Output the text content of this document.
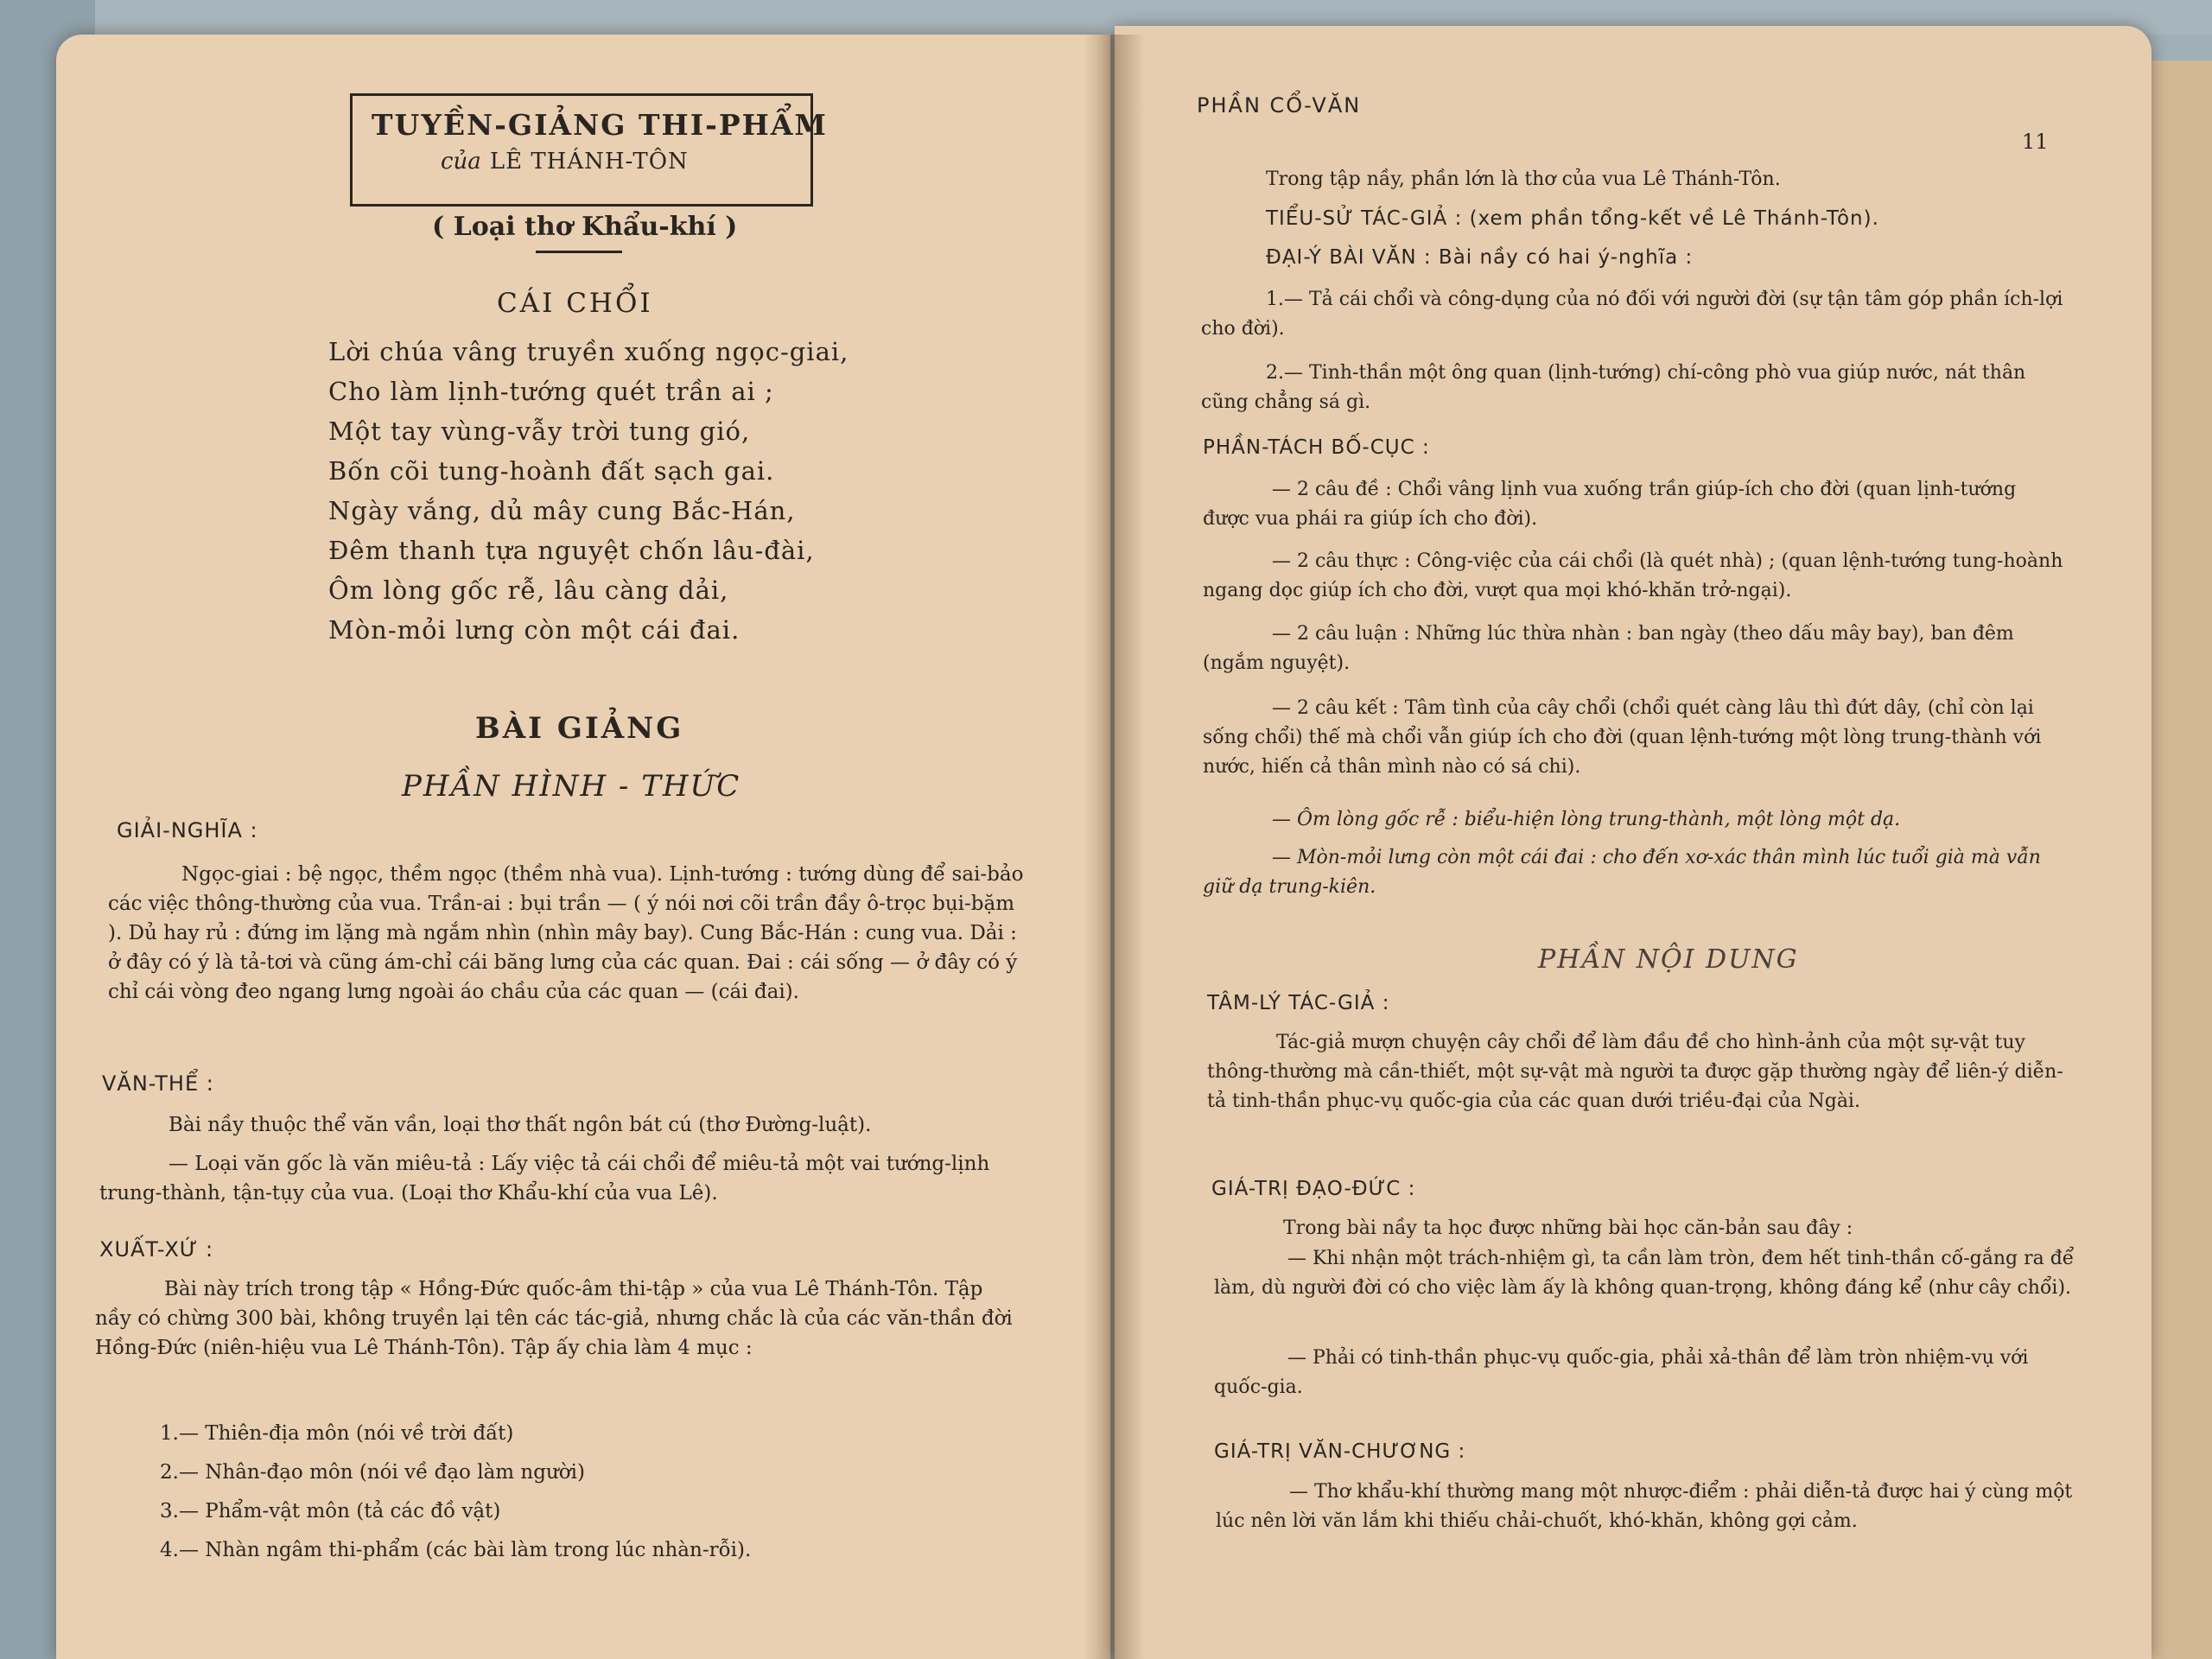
TUYỀN-GIẢNG THI-PHẨM
của LÊ THÁNH-TÔN
( Loại thơ Khẩu-khí )
CÁI CHỔI
Lời chúa vâng truyền xuống ngọc-giai,
Cho làm lịnh-tướng quét trần ai ;
Một tay vùng-vẫy trời tung gió,
Bốn cõi tung-hoành đất sạch gai.
Ngày vắng, dủ mây cung Bắc-Hán,
Đêm thanh tựa nguyệt chốn lâu-đài,
Ôm lòng gốc rễ, lâu càng dải,
Mòn-mỏi lưng còn một cái đai.
BÀI GIẢNG
PHẦN HÌNH - THỨC
GIẢI-NGHĨA :
Ngọc-giai : bệ ngọc, thềm ngọc (thềm nhà vua). Lịnh-tướng : tướng dùng để sai-bảo các việc thông-thường của vua. Trần-ai : bụi trần — ( ý nói nơi cõi trần đầy ô-trọc bụi-bặm ). Dủ hay rủ : đứng im lặng mà ngắm nhìn (nhìn mây bay). Cung Bắc-Hán : cung vua. Dải : ở đây có ý là tả-tơi và cũng ám-chỉ cái băng lưng của các quan. Đai : cái sống — ở đây có ý chỉ cái vòng đeo ngang lưng ngoài áo chầu của các quan — (cái đai).
VĂN-THỂ :
Bài nầy thuộc thể văn vần, loại thơ thất ngôn bát cú (thơ Đường-luật).
— Loại văn gốc là văn miêu-tả : Lấy việc tả cái chổi để miêu-tả một vai tướng-lịnh trung-thành, tận-tụy của vua. (Loại thơ Khẩu-khí của vua Lê).
XUẤT-XỨ :
Bài này trích trong tập « Hồng-Đức quốc-âm thi-tập » của vua Lê Thánh-Tôn. Tập nầy có chừng 300 bài, không truyền lại tên các tác-giả, nhưng chắc là của các văn-thần đời Hồng-Đức (niên-hiệu vua Lê Thánh-Tôn). Tập ấy chia làm 4 mục :
1.— Thiên-địa môn (nói về trời đất)
2.— Nhân-đạo môn (nói về đạo làm người)
3.— Phẩm-vật môn (tả các đồ vật)
4.— Nhàn ngâm thi-phẩm (các bài làm trong lúc nhàn-rỗi).
PHẦN CỔ-VĂN
11
Trong tập nầy, phần lớn là thơ của vua Lê Thánh-Tôn.
TIỂU-SỬ TÁC-GIẢ : (xem phần tổng-kết về Lê Thánh-Tôn).
ĐẠI-Ý BÀI VĂN : Bài nầy có hai ý-nghĩa :
1.— Tả cái chổi và công-dụng của nó đối với người đời (sự tận tâm góp phần ích-lợi cho đời).
2.— Tinh-thần một ông quan (lịnh-tướng) chí-công phò vua giúp nước, nát thân cũng chẳng sá gì.
PHẦN-TÁCH BỐ-CỤC :
— 2 câu đề : Chổi vâng lịnh vua xuống trần giúp-ích cho đời (quan lịnh-tướng được vua phái ra giúp ích cho đời).
— 2 câu thực : Công-việc của cái chổi (là quét nhà) ; (quan lệnh-tướng tung-hoành ngang dọc giúp ích cho đời, vượt qua mọi khó-khăn trở-ngại).
— 2 câu luận : Những lúc thừa nhàn : ban ngày (theo dấu mây bay), ban đêm (ngắm nguyệt).
— 2 câu kết : Tâm tình của cây chổi (chổi quét càng lâu thì đứt dây, (chỉ còn lại sống chổi) thế mà chổi vẫn giúp ích cho đời (quan lệnh-tướng một lòng trung-thành với nước, hiến cả thân mình nào có sá chi).
— Ôm lòng gốc rễ : biểu-hiện lòng trung-thành, một lòng một dạ.
— Mòn-mỏi lưng còn một cái đai : cho đến xơ-xác thân mình lúc tuổi già mà vẫn giữ dạ trung-kiên.
PHẦN NỘI DUNG
TÂM-LÝ TÁC-GIẢ :
Tác-giả mượn chuyện cây chổi để làm đầu đề cho hình-ảnh của một sự-vật tuy thông-thường mà cần-thiết, một sự-vật mà người ta được gặp thường ngày để liên-ý diễn-tả tinh-thần phục-vụ quốc-gia của các quan dưới triều-đại của Ngài.
GIÁ-TRỊ ĐẠO-ĐỨC :
Trong bài nầy ta học được những bài học căn-bản sau đây :
— Khi nhận một trách-nhiệm gì, ta cần làm tròn, đem hết tinh-thần cố-gắng ra để làm, dù người đời có cho việc làm ấy là không quan-trọng, không đáng kể (như cây chổi).
— Phải có tinh-thần phục-vụ quốc-gia, phải xả-thân để làm tròn nhiệm-vụ với quốc-gia.
GIÁ-TRỊ VĂN-CHƯƠNG :
— Thơ khẩu-khí thường mang một nhược-điểm : phải diễn-tả được hai ý cùng một lúc nên lời văn lắm khi thiếu chải-chuốt, khó-khăn, không gợi cảm.
